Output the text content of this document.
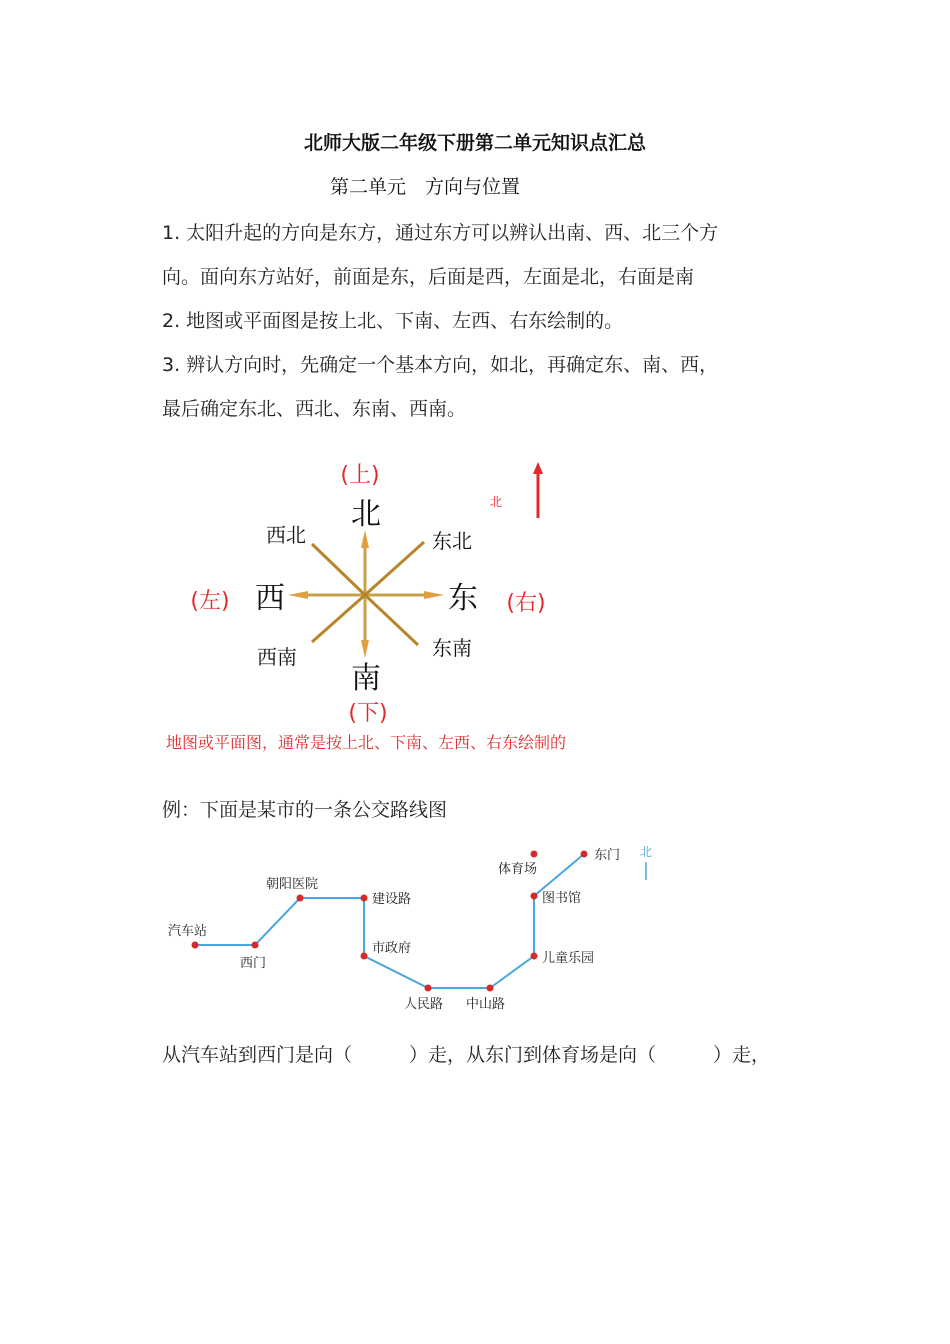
北师大版二年级下册第二单元知识点汇总
第二单元　方向与位置
1. 太阳升起的方向是东方，通过东方可以辨认出南、西、北三个方
向。面向东方站好，前面是东，后面是西，左面是北，右面是南
2. 地图或平面图是按上北、下南、左西、右东绘制的。
3. 辨认方向时，先确定一个基本方向，如北，再确定东、南、西，
最后确定东北、西北、东南、西南。
(上)
北
(下)
南
(左) 西	东 (右)
西北	东北
西南	东南
北
地图或平面图，通常是按上北、下南、左西、右东绘制的
例：下面是某市的一条公交路线图
汽车站
西门
朝阳医院
建设路
市政府
人民路 中山路
儿童乐园
图书馆
体育场
东门 北
从汽车站到西门是向（　　　）走，从东门到体育场是向（　　　）走，
